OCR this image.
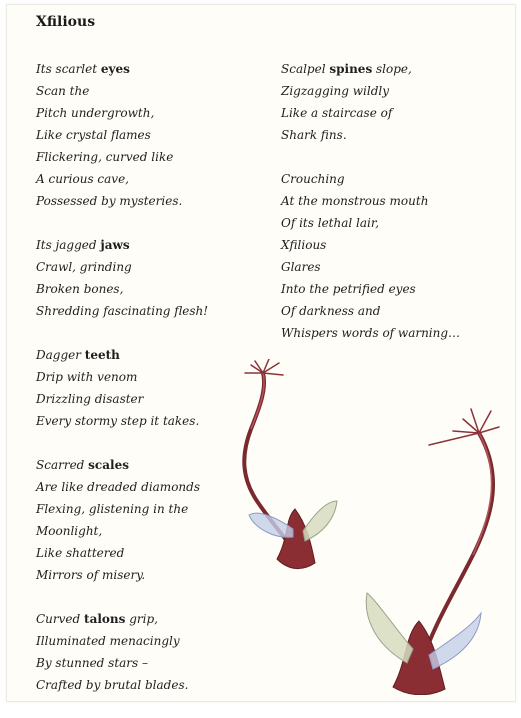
Xfilious
Its scarlet eyes
Scan the
Pitch undergrowth,
Like crystal flames
Flickering, curved like
A curious cave,
Possessed by mysteries.
Its jagged jaws
Crawl, grinding
Broken bones,
Shredding fascinating flesh!
Dagger teeth
Drip with venom
Drizzling disaster
Every stormy step it takes.
Scarred scales
Are like dreaded diamonds
Flexing, glistening in the
Moonlight,
Like shattered
Mirrors of misery.
Curved talons grip,
Illuminated menacingly
By stunned stars –
Crafted by brutal blades.
Scalpel spines slope,
Zigzagging wildly
Like a staircase of
Shark fins.
Crouching
At the monstrous mouth
Of its lethal lair,
Xfilious
Glares
Into the petrified eyes
Of darkness and
Whispers words of warning…
